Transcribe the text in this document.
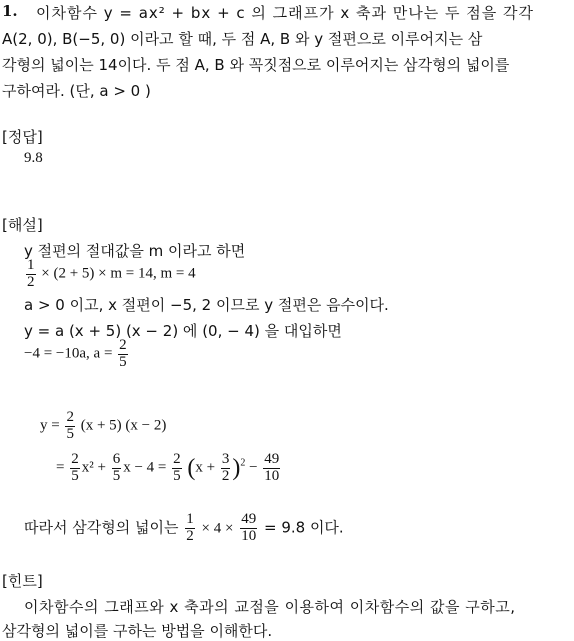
1. 이차함수 y = ax² + bx + c 의 그래프가 x 축과 만나는 두 점을 각각
A(2, 0), B(−5, 0) 이라고 할 때, 두 점 A, B 와 y 절편으로 이루어지는 삼
각형의 넓이는 14이다. 두 점 A, B 와 꼭짓점으로 이루어지는 삼각형의 넓이를
구하여라. (단, a > 0 )
[정답]
9.8
[해설]
y 절편의 절대값을 m 이라고 하면
$\frac{1}{2} \times (2 + 5) \times m = 14$, m = 4
a > 0 이고, x 절편이 −5, 2 이므로 y 절편은 음수이다.
y = a (x + 5) (x − 2) 에 (0, − 4) 을 대입하면
−4 = −10a, $a = \frac{2}{5}$
$y = \frac{2}{5} (x + 5) (x - 2)$
= $\frac{2}{5} x^2 + \frac{6}{5}$ $x - 4 = \frac{2}{5} (x + \frac{3}{2} )^2 - \frac{49}{10}$
따라서 삼각형의 넓이는 $\frac{1}{2} \times 4 \times \frac{49}{10} = 9.8$ 이다.
[힌트]
이차함수의 그래프와 x 축과의 교점을 이용하여 이차함수의 값을 구하고,
삼각형의 넓이를 구하는 방법을 이해한다.
